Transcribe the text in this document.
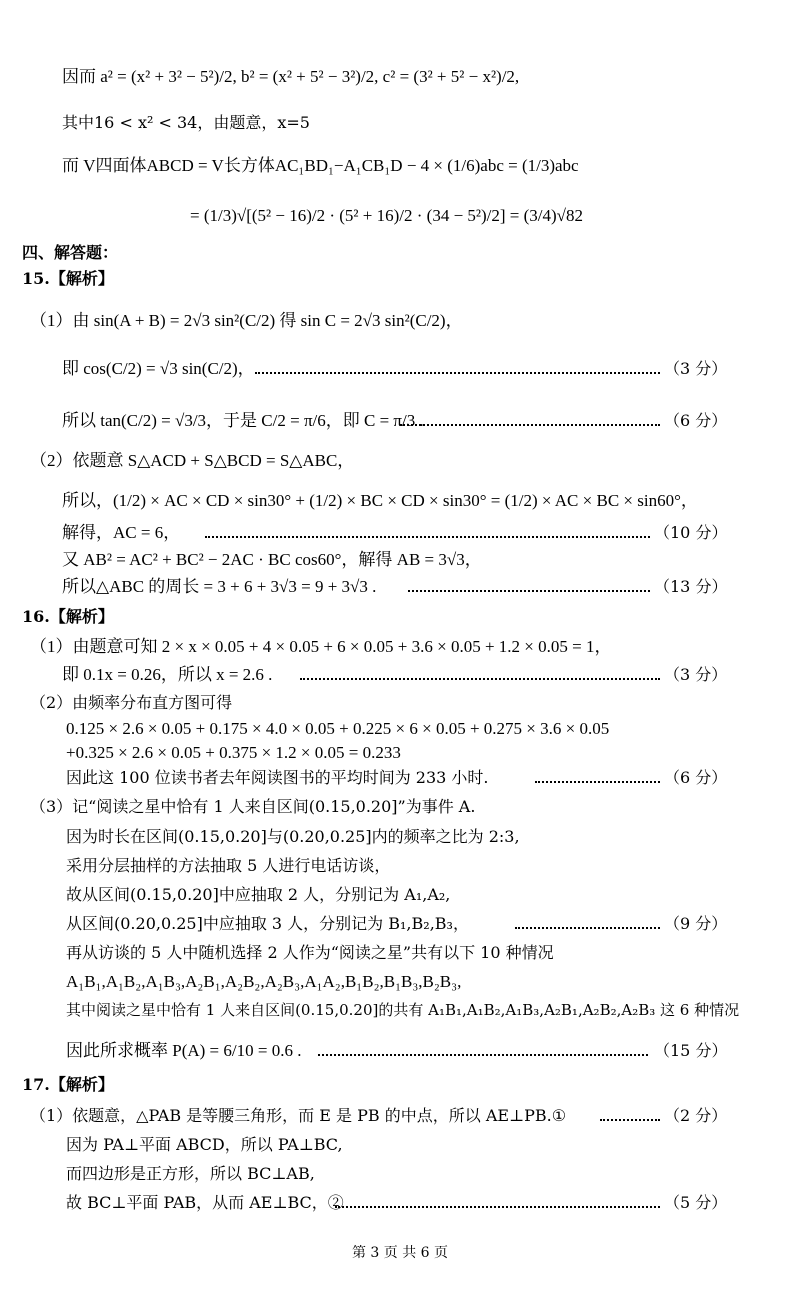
因而 a² = (x² + 3² − 5²)/2, b² = (x² + 5² − 3²)/2, c² = (3² + 5² − x²)/2,
其中16 < x² < 34，由题意，x=5
而 V四面体ABCD = V长方体AC₁BD₁−A₁CB₁D − 4 × (1/6)abc = (1/3)abc
= (1/3)√[(5² − 16)/2 · (5² + 16)/2 · (34 − 5²)/2] = (3/4)√82
四、解答题：
15.【解析】
（1）由 sin(A + B) = 2√3 sin²(C/2) 得 sin C = 2√3 sin²(C/2)，
即 cos(C/2) = √3 sin(C/2)，	（3 分）
所以 tan(C/2) = √3/3，于是 C/2 = π/6，即 C = π/3 .	（6 分）
（2）依题意 S△ACD + S△BCD = S△ABC，
所以，(1/2) × AC × CD × sin30° + (1/2) × BC × CD × sin30° = (1/2) × AC × BC × sin60°，
解得，AC = 6，	（10 分）
又 AB² = AC² + BC² − 2AC · BC cos60°，解得 AB = 3√3，
所以△ABC 的周长 = 3 + 6 + 3√3 = 9 + 3√3 .	（13 分）
16.【解析】
（1）由题意可知 2 × x × 0.05 + 4 × 0.05 + 6 × 0.05 + 3.6 × 0.05 + 1.2 × 0.05 = 1，
即 0.1x = 0.26，所以 x = 2.6 .	（3 分）
（2）由频率分布直方图可得
0.125 × 2.6 × 0.05 + 0.175 × 4.0 × 0.05 + 0.225 × 6 × 0.05 + 0.275 × 3.6 × 0.05
+0.325 × 2.6 × 0.05 + 0.375 × 1.2 × 0.05 = 0.233
因此这 100 位读书者去年阅读图书的平均时间为 233 小时.	（6 分）
（3）记“阅读之星中恰有 1 人来自区间(0.15,0.20]”为事件 A.
因为时长在区间(0.15,0.20]与(0.20,0.25]内的频率之比为 2:3,
采用分层抽样的方法抽取 5 人进行电话访谈，
故从区间(0.15,0.20]中应抽取 2 人，分别记为 A₁,A₂,
从区间(0.20,0.25]中应抽取 3 人，分别记为 B₁,B₂,B₃，	（9 分）
再从访谈的 5 人中随机选择 2 人作为“阅读之星”共有以下 10 种情况
A₁B₁,A₁B₂,A₁B₃,A₂B₁,A₂B₂,A₂B₃,A₁A₂,B₁B₂,B₁B₃,B₂B₃,
其中阅读之星中恰有 1 人来自区间(0.15,0.20]的共有 A₁B₁,A₁B₂,A₁B₃,A₂B₁,A₂B₂,A₂B₃ 这 6 种情况
因此所求概率 P(A) = 6/10 = 0.6 .	（15 分）
17.【解析】
（1）依题意，△PAB 是等腰三角形，而 E 是 PB 的中点，所以 AE⊥PB.①	（2 分）
因为 PA⊥平面 ABCD，所以 PA⊥BC,
而四边形是正方形，所以 BC⊥AB,
故 BC⊥平面 PAB，从而 AE⊥BC，②	（5 分）
第 3 页 共 6 页
